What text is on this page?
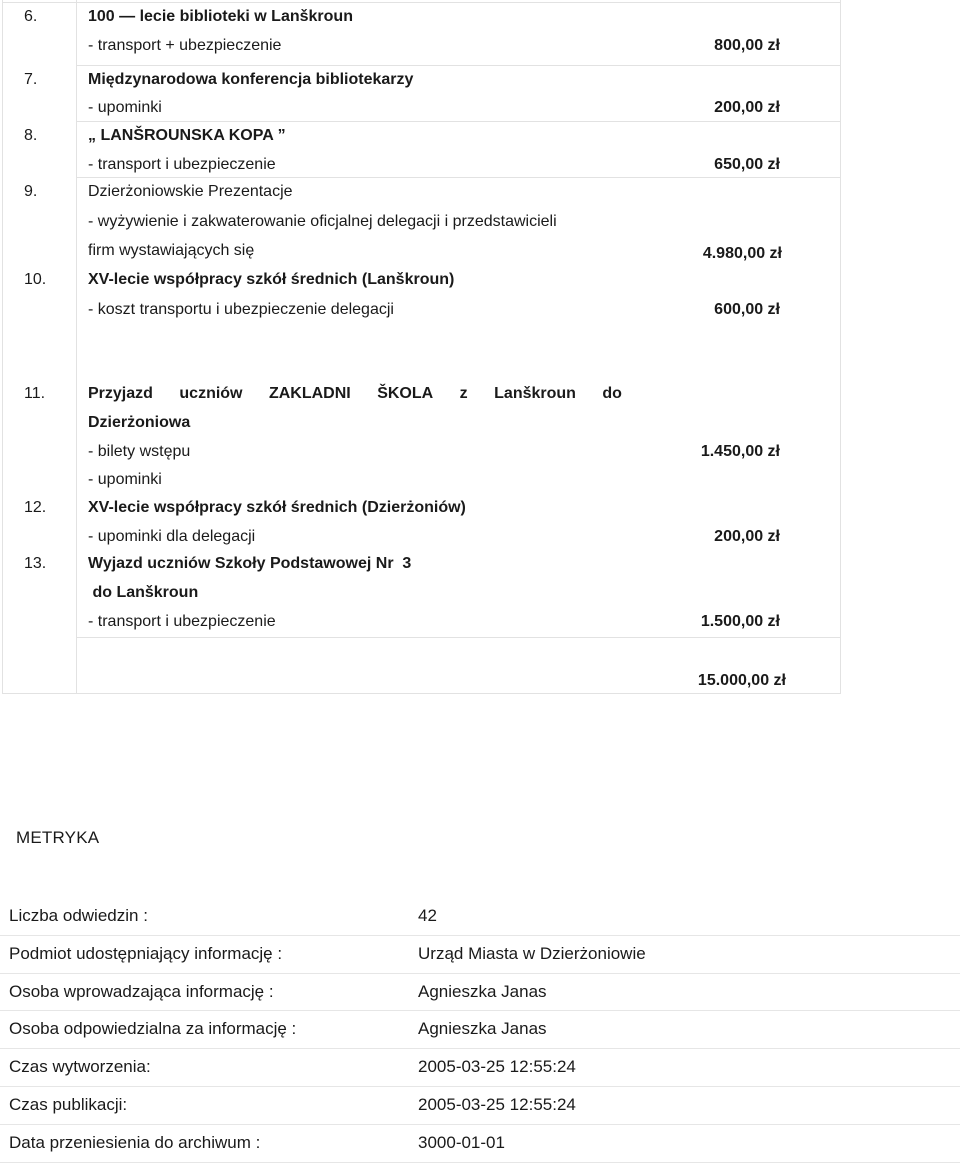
6.	100 — lecie biblioteki w Lanškroun
- transport + ubezpieczenie	800,00 zł
7.	Międzynarodowa konferencja bibliotekarzy
- upominki	200,00 zł
8.	„ LANŠROUNSKA KOPA ”
- transport i ubezpieczenie	650,00 zł
9.	Dzierżoniowskie Prezentacje
- wyżywienie i zakwaterowanie oficjalnej delegacji i przedstawicieli
firm wystawiających się	4.980,00 zł
10.	XV-lecie współpracy szkół średnich (Lanškroun)
- koszt transportu i ubezpieczenie delegacji	600,00 zł
11.	Przyjazd uczniów ZAKLADNI ŠKOLA z Lanškroun do
Dzierżoniowa
- bilety wstępu	1.450,00 zł
- upominki
12.	XV-lecie współpracy szkół średnich (Dzierżoniów)
- upominki dla delegacji	200,00 zł
13.	Wyjazd uczniów Szkoły Podstawowej Nr  3
do Lanškroun
- transport i ubezpieczenie	1.500,00 zł
15.000,00 zł
METRYKA
Liczba odwiedzin :	42
Podmiot udostępniający informację :	Urząd Miasta w Dzierżoniowie
Osoba wprowadzająca informację :	Agnieszka Janas
Osoba odpowiedzialna za informację :	Agnieszka Janas
Czas wytworzenia:	2005-03-25 12:55:24
Czas publikacji:	2005-03-25 12:55:24
Data przeniesienia do archiwum :	3000-01-01
